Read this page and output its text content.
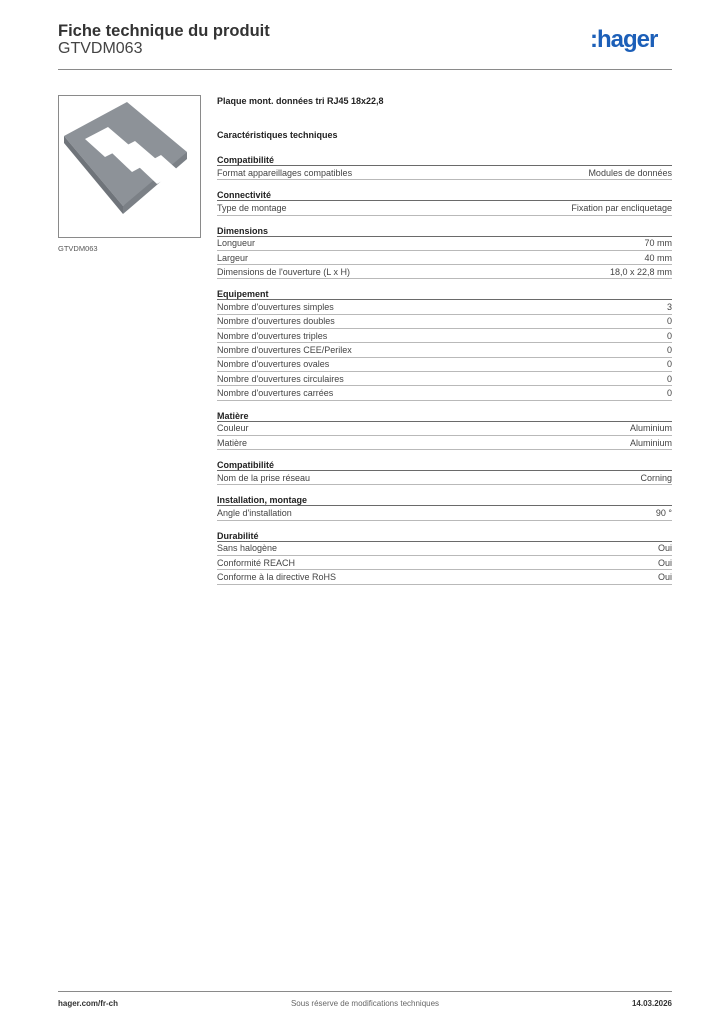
Fiche technique du produit
GTVDM063	:hager
GTVDM063
Plaque mont. données tri RJ45 18x22,8
Caractéristiques techniques
Compatibilité
Format appareillages compatibles	Modules de données
Connectivité
Type de montage	Fixation par encliquetage
Dimensions
Longueur	70 mm
Largeur	40 mm
Dimensions de l'ouverture (L x H)	18,0 x 22,8 mm
Equipement
Nombre d'ouvertures simples	3
Nombre d'ouvertures doubles	0
Nombre d'ouvertures triples	0
Nombre d'ouvertures CEE/Perilex	0
Nombre d'ouvertures ovales	0
Nombre d'ouvertures circulaires	0
Nombre d'ouvertures carrées	0
Matière
Couleur	Aluminium
Matière	Aluminium
Compatibilité
Nom de la prise réseau	Corning
Installation, montage
Angle d'installation	90 °
Durabilité
Sans halogène	Oui
Conformité REACH	Oui
Conforme à la directive RoHS	Oui
Sous réserve de modifications techniques
hager.com/fr-ch	14.03.2026
